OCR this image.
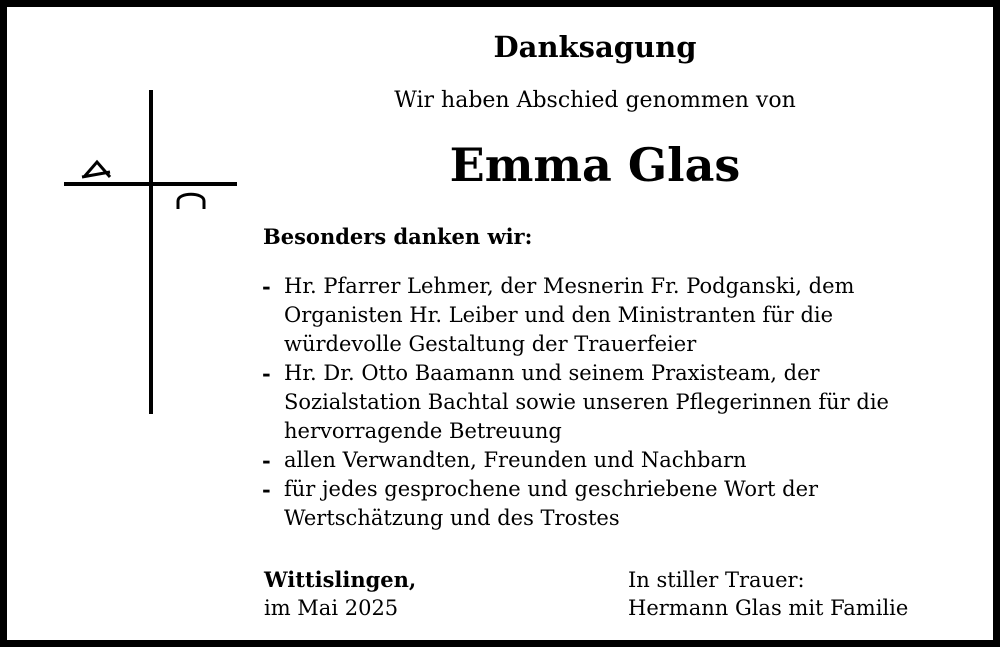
Danksagung
Wir haben Abschied genommen von
Emma Glas
Besonders danken wir:
- Hr. Pfarrer Lehmer, der Mesnerin Fr. Podganski, dem
Organisten Hr. Leiber und den Ministranten für die
würdevolle Gestaltung der Trauerfeier
- Hr. Dr. Otto Baamann und seinem Praxisteam, der
Sozialstation Bachtal sowie unseren Pflegerinnen für die
hervorragende Betreuung
- allen Verwandten, Freunden und Nachbarn
- für jedes gesprochene und geschriebene Wort der
Wertschätzung und des Trostes
Wittislingen,
im Mai 2025
In stiller Trauer:
Hermann Glas mit Familie
